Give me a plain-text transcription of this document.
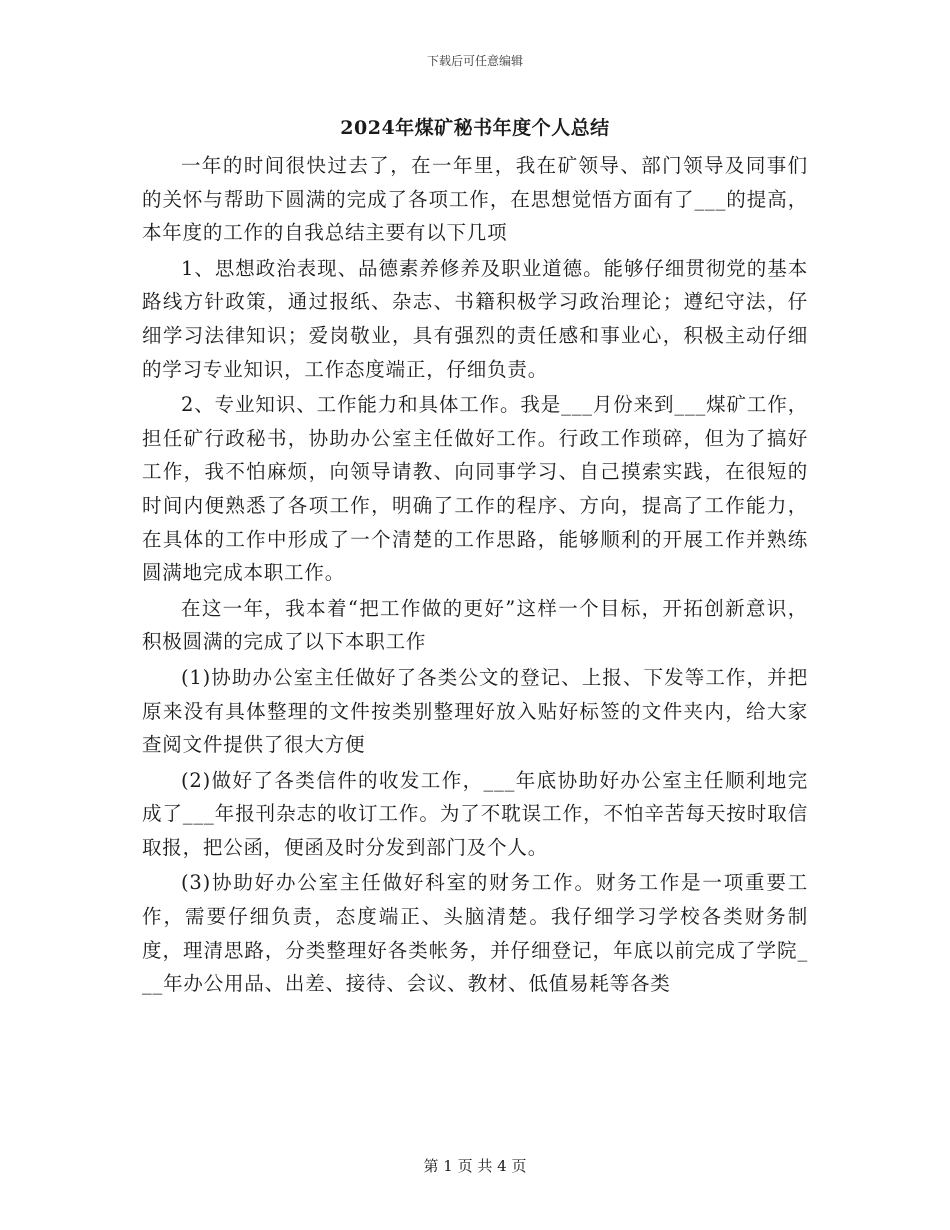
下载后可任意编辑
2024年煤矿秘书年度个人总结

一年的时间很快过去了，在一年里，我在矿领导、部门领导及同事们的关怀与帮助下圆满的完成了各项工作，在思想觉悟方面有了___的提高，本年度的工作的自我总结主要有以下几项

1、思想政治表现、品德素养修养及职业道德。能够仔细贯彻党的基本路线方针政策，通过报纸、杂志、书籍积极学习政治理论；遵纪守法，仔细学习法律知识；爱岗敬业，具有强烈的责任感和事业心，积极主动仔细的学习专业知识，工作态度端正，仔细负责。

2、专业知识、工作能力和具体工作。我是___月份来到___煤矿工作，担任矿行政秘书，协助办公室主任做好工作。行政工作琐碎，但为了搞好工作，我不怕麻烦，向领导请教、向同事学习、自己摸索实践，在很短的时间内便熟悉了各项工作，明确了工作的程序、方向，提高了工作能力，在具体的工作中形成了一个清楚的工作思路，能够顺利的开展工作并熟练圆满地完成本职工作。

在这一年，我本着“把工作做的更好”这样一个目标，开拓创新意识，积极圆满的完成了以下本职工作

(1)协助办公室主任做好了各类公文的登记、上报、下发等工作，并把原来没有具体整理的文件按类别整理好放入贴好标签的文件夹内，给大家查阅文件提供了很大方便

(2)做好了各类信件的收发工作，___年底协助好办公室主任顺利地完成了___年报刊杂志的收订工作。为了不耽误工作，不怕辛苦每天按时取信取报，把公函，便函及时分发到部门及个人。

(3)协助好办公室主任做好科室的财务工作。财务工作是一项重要工作，需要仔细负责，态度端正、头脑清楚。我仔细学习学校各类财务制度，理清思路，分类整理好各类帐务，并仔细登记，年底以前完成了学院___年办公用品、出差、接待、会议、教材、低值易耗等各类

第 1 页 共 4 页
